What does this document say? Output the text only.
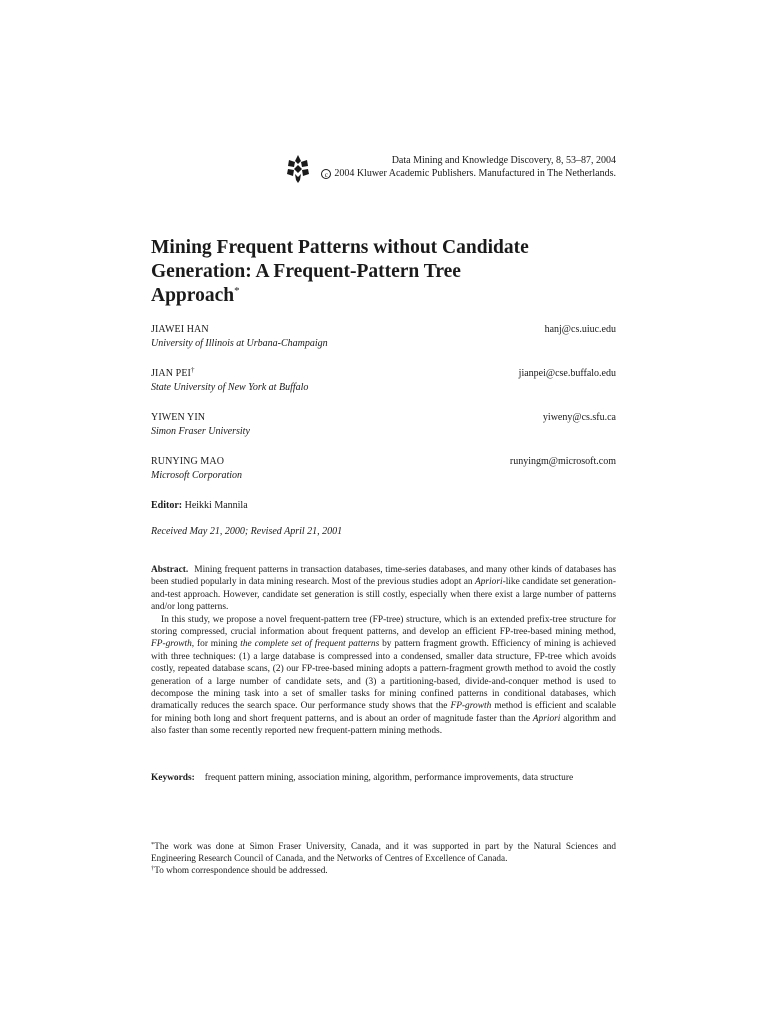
Data Mining and Knowledge Discovery, 8, 53–87, 2004
c 2004 Kluwer Academic Publishers. Manufactured in The Netherlands.
Mining Frequent Patterns without Candidate
Generation: A Frequent-Pattern Tree
Approach*
JIAWEI HAN
University of Illinois at Urbana-Champaign
hanj@cs.uiuc.edu
JIAN PEI†
State University of New York at Buffalo
jianpei@cse.buffalo.edu
YIWEN YIN
Simon Fraser University
yiweny@cs.sfu.ca
RUNYING MAO
Microsoft Corporation
runyingm@microsoft.com
Editor: Heikki Mannila
Received May 21, 2000; Revised April 21, 2001

Abstract. Mining frequent patterns in transaction databases, time-series databases, and many other kinds of databases has been studied popularly in data mining research. Most of the previous studies adopt an Apriori-like candidate set generation-and-test approach. However, candidate set generation is still costly, especially when there exist a large number of patterns and/or long patterns.

In this study, we propose a novel frequent-pattern tree (FP-tree) structure, which is an extended prefix-tree structure for storing compressed, crucial information about frequent patterns, and develop an efficient FP-tree-based mining method, FP-growth, for mining the complete set of frequent patterns by pattern fragment growth. Efficiency of mining is achieved with three techniques: (1) a large database is compressed into a condensed, smaller data structure, FP-tree which avoids costly, repeated database scans, (2) our FP-tree-based mining adopts a pattern-fragment growth method to avoid the costly generation of a large number of candidate sets, and (3) a partitioning-based, divide-and-conquer method is used to decompose the mining task into a set of smaller tasks for mining confined patterns in conditional databases, which dramatically reduces the search space. Our performance study shows that the FP-growth method is efficient and scalable for mining both long and short frequent patterns, and is about an order of magnitude faster than the Apriori algorithm and also faster than some recently reported new frequent-pattern mining methods.

Keywords: frequent pattern mining, association mining, algorithm, performance improvements, data structure

*The work was done at Simon Fraser University, Canada, and it was supported in part by the Natural Sciences and Engineering Research Council of Canada, and the Networks of Centres of Excellence of Canada.

†To whom correspondence should be addressed.
